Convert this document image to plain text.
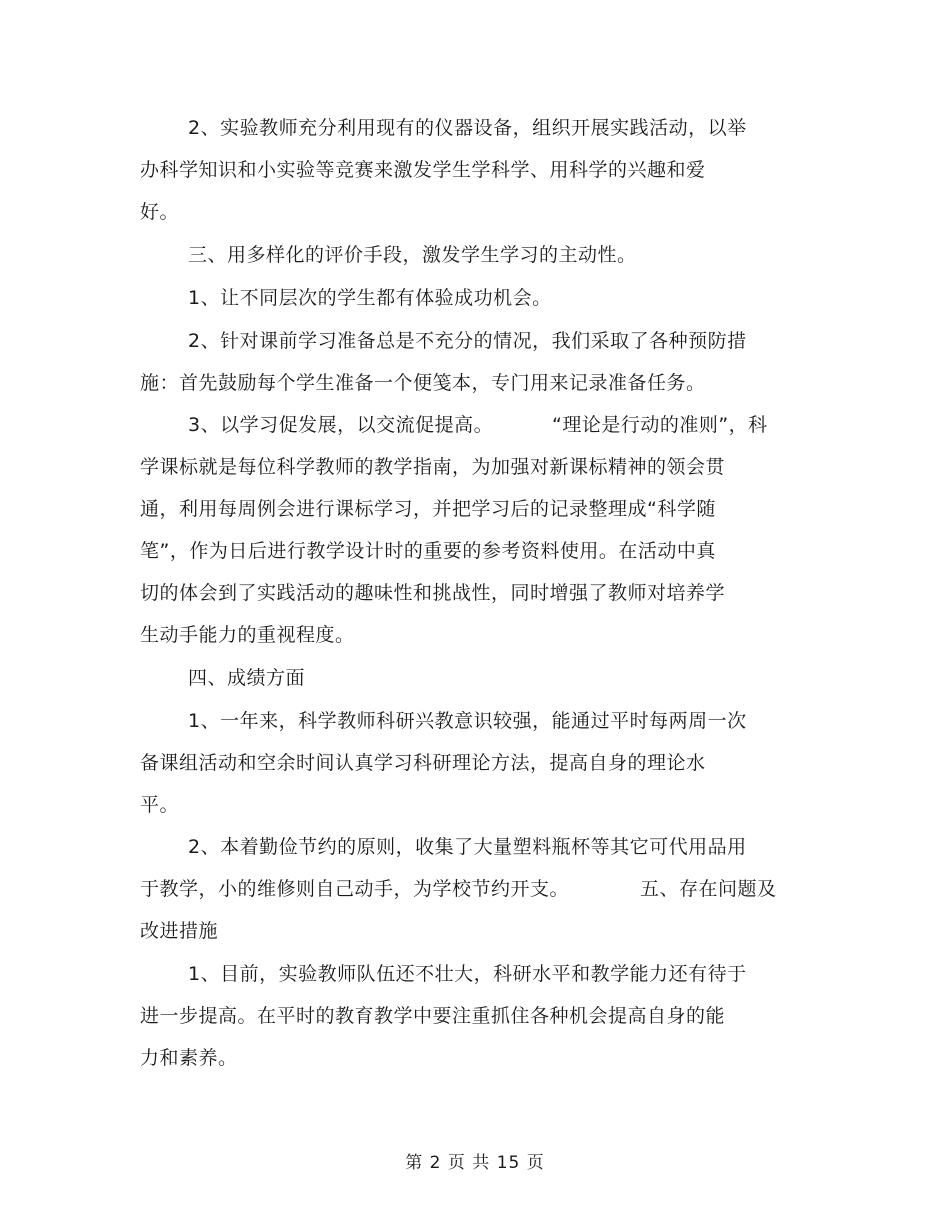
2、实验教师充分利用现有的仪器设备，组织开展实践活动，以举
办科学知识和小实验等竞赛来激发学生学科学、用科学的兴趣和爱
好。
三、用多样化的评价手段，激发学生学习的主动性。
1、让不同层次的学生都有体验成功机会。
2、针对课前学习准备总是不充分的情况，我们采取了各种预防措
施：首先鼓励每个学生准备一个便笺本，专门用来记录准备任务。
3、以学习促发展，以交流促提高。	“理论是行动的准则”，科
学课标就是每位科学教师的教学指南，为加强对新课标精神的领会贯
通，利用每周例会进行课标学习，并把学习后的记录整理成“科学随
笔”，作为日后进行教学设计时的重要的参考资料使用。在活动中真
切的体会到了实践活动的趣味性和挑战性，同时增强了教师对培养学
生动手能力的重视程度。
四、成绩方面
1、一年来，科学教师科研兴教意识较强，能通过平时每两周一次
备课组活动和空余时间认真学习科研理论方法，提高自身的理论水
平。
2、本着勤俭节约的原则，收集了大量塑料瓶杯等其它可代用品用
于教学，小的维修则自己动手，为学校节约开支。	五、存在问题及
改进措施
1、目前，实验教师队伍还不壮大，科研水平和教学能力还有待于
进一步提高。在平时的教育教学中要注重抓住各种机会提高自身的能
力和素养。
第 2 页 共 15 页
